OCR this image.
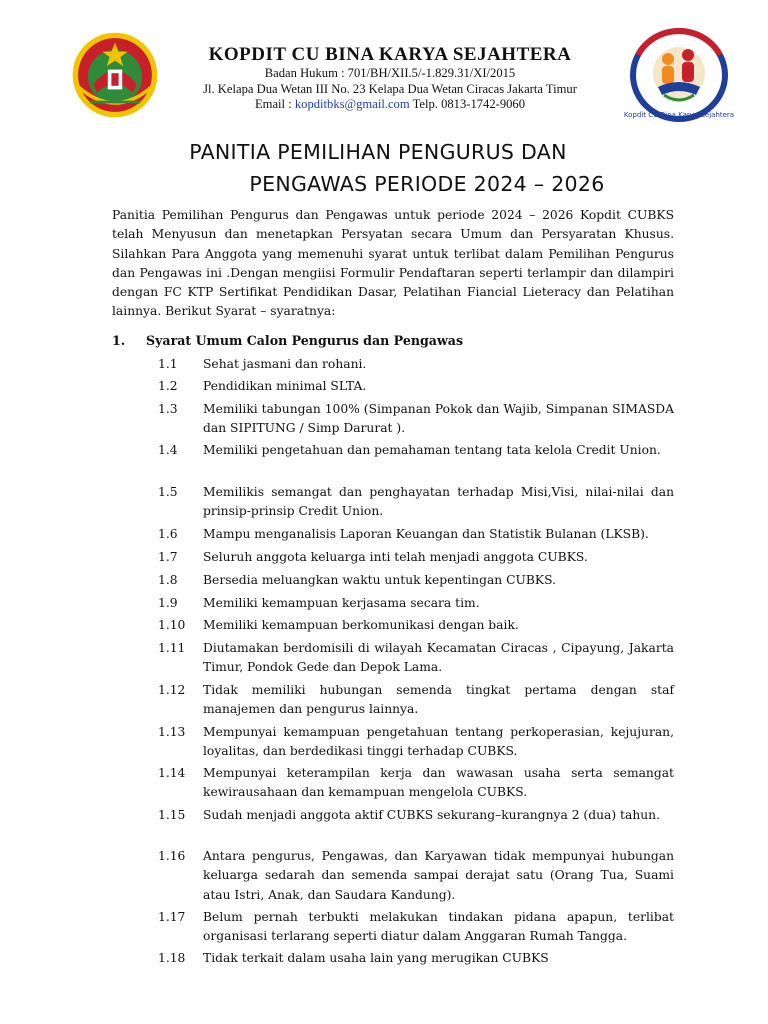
KOPDIT CU BINA KARYA SEJAHTERA
Badan Hukum : 701/BH/XII.5/-1.829.31/XI/2015
Jl. Kelapa Dua Wetan III No. 23 Kelapa Dua Wetan Ciracas Jakarta Timur
Email : kopditbks@gmail.com Telp. 0813-1742-9060
Kopdit CU Bina Karya Sejahtera
PANITIA PEMILIHAN PENGURUS DAN
PENGAWAS PERIODE 2024 – 2026
Panitia Pemilihan Pengurus dan Pengawas untuk periode 2024 – 2026 Kopdit CUBKS telah Menyusun dan menetapkan Persyatan secara Umum dan Persyaratan Khusus. Silahkan Para Anggota yang memenuhi syarat untuk terlibat dalam Pemilihan Pengurus dan Pengawas ini .Dengan mengiisi Formulir Pendaftaran seperti terlampir dan dilampiri dengan FC KTP Sertifikat Pendidikan Dasar, Pelatihan Fiancial Lieteracy dan Pelatihan lainnya. Berikut Syarat – syaratnya:
1. Syarat Umum Calon Pengurus dan Pengawas
1.1	Sehat jasmani dan rohani.
1.2	Pendidikan minimal SLTA.
1.3	Memiliki tabungan 100% (Simpanan Pokok dan Wajib, Simpanan SIMASDA dan SIPITUNG / Simp Darurat ).
1.4	Memiliki pengetahuan dan pemahaman tentang tata kelola Credit Union.
1.5	Memilikis semangat dan penghayatan terhadap Misi,Visi, nilai-nilai dan prinsip-prinsip Credit Union.
1.6	Mampu menganalisis Laporan Keuangan dan Statistik Bulanan (LKSB).
1.7	Seluruh anggota keluarga inti telah menjadi anggota CUBKS.
1.8	Bersedia meluangkan waktu untuk kepentingan CUBKS.
1.9	Memiliki kemampuan kerjasama secara tim.
1.10	Memiliki kemampuan berkomunikasi dengan baik.
1.11	Diutamakan berdomisili di wilayah Kecamatan Ciracas , Cipayung, Jakarta Timur, Pondok Gede dan Depok Lama.
1.12	Tidak memiliki hubungan semenda tingkat pertama dengan staf manajemen dan pengurus lainnya.
1.13	Mempunyai kemampuan pengetahuan tentang perkoperasian, kejujuran, loyalitas, dan berdedikasi tinggi terhadap CUBKS.
1.14	Mempunyai keterampilan kerja dan wawasan usaha serta semangat kewirausahaan dan kemampuan mengelola CUBKS.
1.15	Sudah menjadi anggota aktif CUBKS sekurang–kurangnya 2 (dua) tahun.
1.16	Antara pengurus, Pengawas, dan Karyawan tidak mempunyai hubungan keluarga sedarah dan semenda sampai derajat satu (Orang Tua, Suami atau Istri, Anak, dan Saudara Kandung).
1.17	Belum pernah terbukti melakukan tindakan pidana apapun, terlibat organisasi terlarang seperti diatur dalam Anggaran Rumah Tangga.
1.18	Tidak terkait dalam usaha lain yang merugikan CUBKS
